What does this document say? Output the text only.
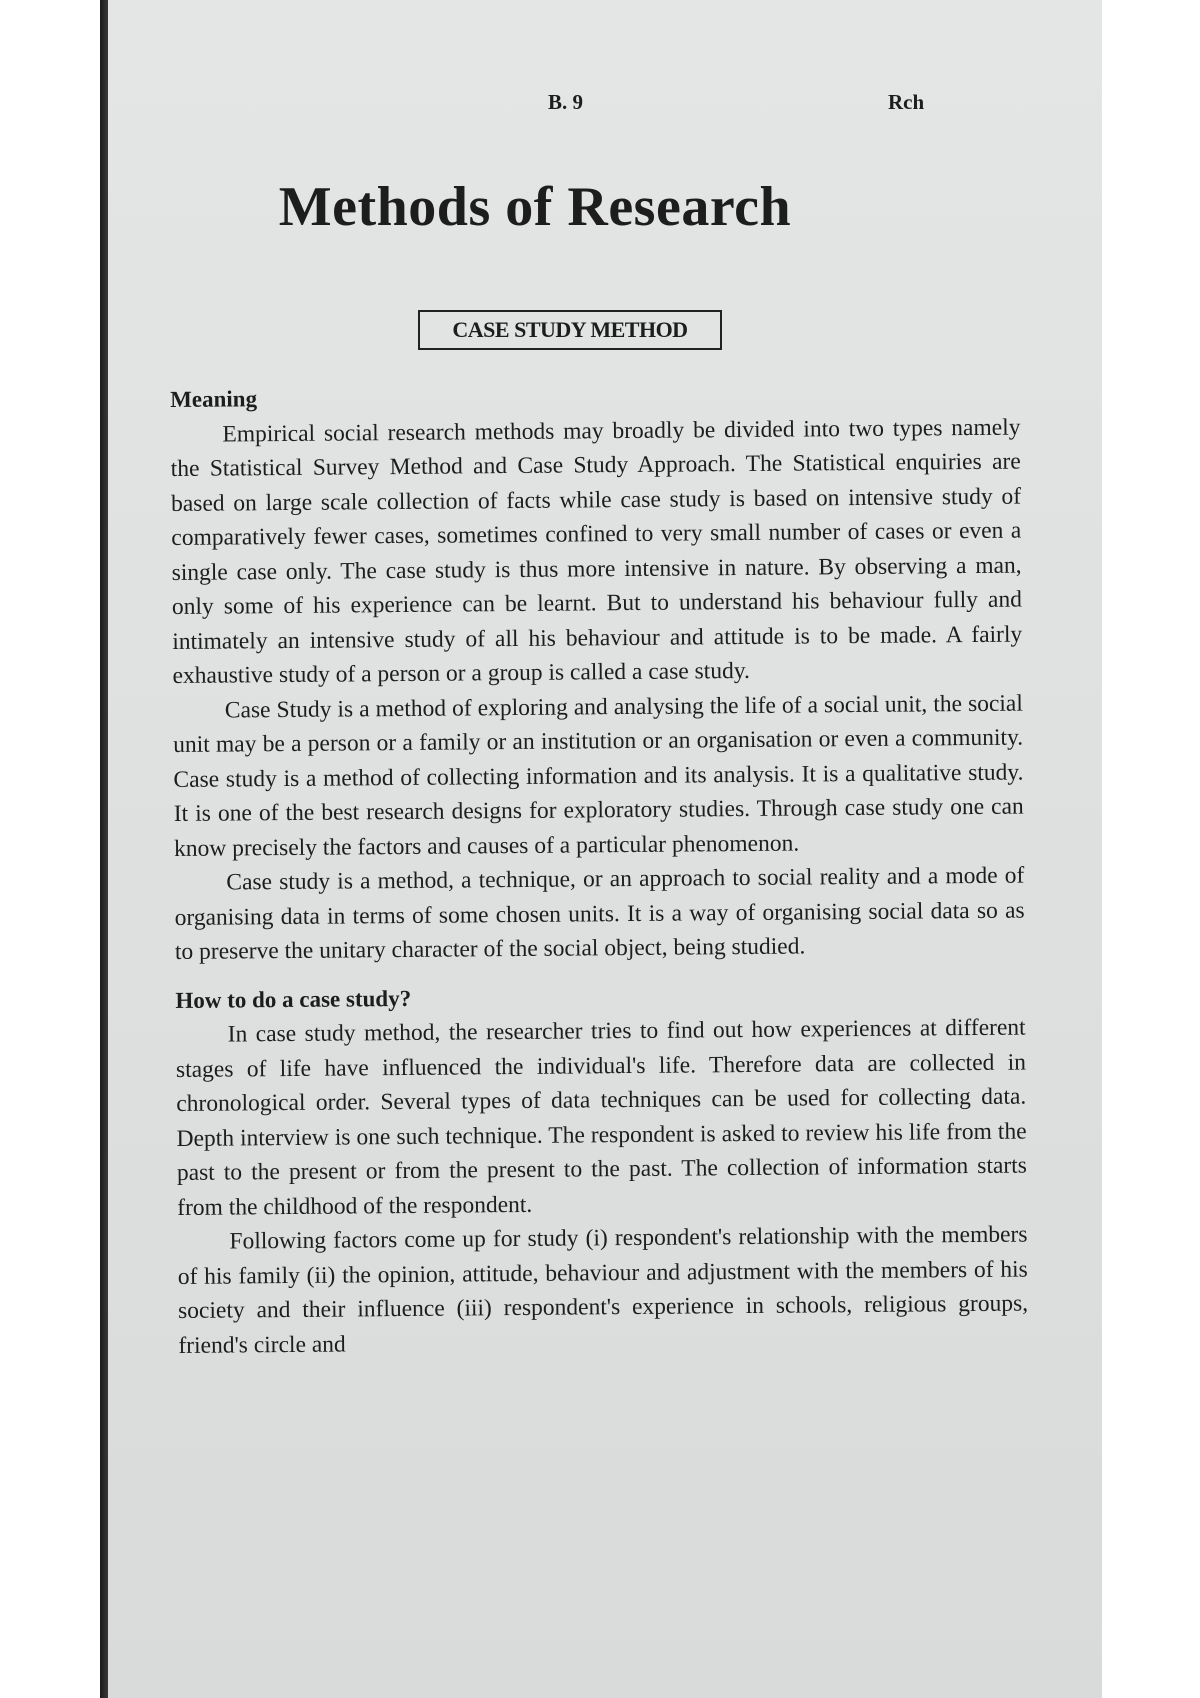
B. 9	Rch
Methods of Research
CASE STUDY METHOD
Meaning

Empirical social research methods may broadly be divided into two types namely the Statistical Survey Method and Case Study Approach. The Statistical enquiries are based on large scale collection of facts while case study is based on intensive study of comparatively fewer cases, sometimes confined to very small number of cases or even a single case only. The case study is thus more intensive in nature. By observing a man, only some of his experience can be learnt. But to understand his behaviour fully and intimately an intensive study of all his behaviour and attitude is to be made. A fairly exhaustive study of a person or a group is called a case study.

Case Study is a method of exploring and analysing the life of a social unit, the social unit may be a person or a family or an institution or an organisation or even a community. Case study is a method of collecting information and its analysis. It is a qualitative study. It is one of the best research designs for exploratory studies. Through case study one can know precisely the factors and causes of a particular phenomenon.

Case study is a method, a technique, or an approach to social reality and a mode of organising data in terms of some chosen units. It is a way of organising social data so as to preserve the unitary character of the social object, being studied.

How to do a case study?

In case study method, the researcher tries to find out how experiences at different stages of life have influenced the individual's life. Therefore data are collected in chronological order. Several types of data techniques can be used for collecting data. Depth interview is one such technique. The respondent is asked to review his life from the past to the present or from the present to the past. The collection of information starts from the childhood of the respondent.

Following factors come up for study (i) respondent's relationship with the members of his family (ii) the opinion, attitude, behaviour and adjustment with the members of his society and their influence (iii) respondent's experience in schools, religious groups, friend's circle and
